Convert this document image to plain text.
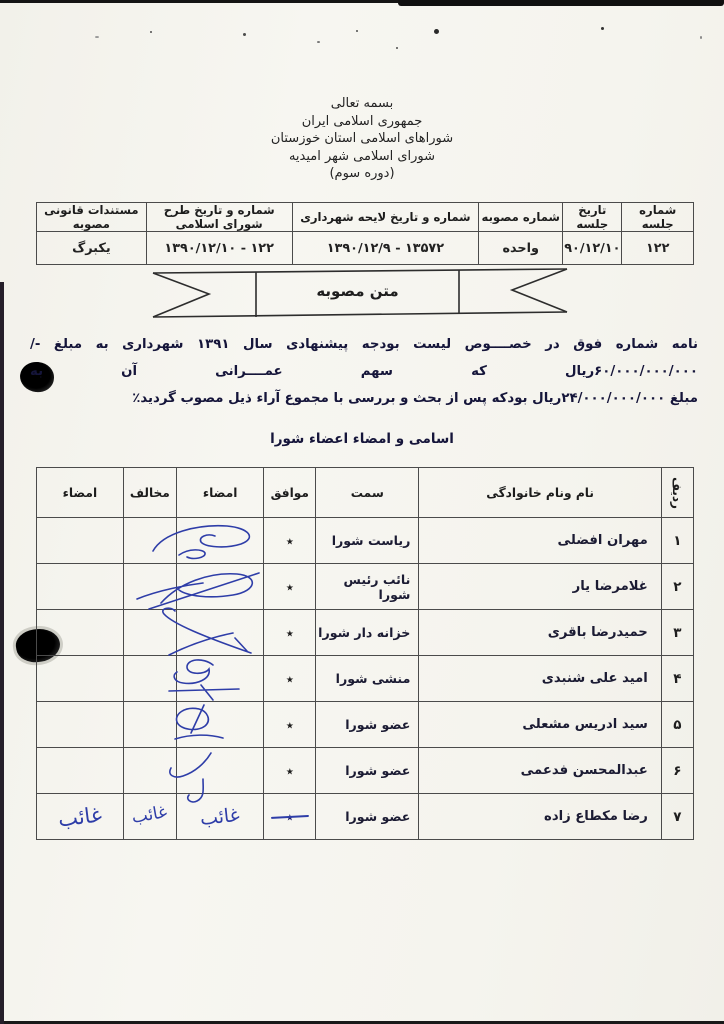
بسمه تعالی
جمهوری اسلامی ایران
شوراهای اسلامی استان خوزستان
شورای اسلامی شهر امیدیه
(دوره سوم)
شماره جلسه	تاریخ جلسه	شماره مصوبه	شماره و تاریخ لایحه شهرداری	شماره و تاریخ طرح شورای اسلامی	مستندات قانونی مصوبه
۱۲۲	۹۰/۱۲/۱۰	واحده	۱۳۵۷۲ - ۱۳۹۰/۱۲/۹	۱۲۲ - ۱۳۹۰/۱۲/۱۰	یکبرگ
متن مصوبه
نامه شماره فوق در خصــــوص لیست بودجه پیشنهادی سال ۱۳۹۱ شهرداری به مبلغ -/۶۰/۰۰۰/۰۰۰/۰۰۰ریال که سهم عمــــرانی آن به
مبلغ ۲۴/۰۰۰/۰۰۰/۰۰۰ریال بودکه پس از بحث و بررسی با مجموع آراء ذیل مصوب گردید٪
اسامی و امضاء اعضاء شورا
ردیف	نام ونام خانوادگی	سمت	موافق	امضاء	مخالف	امضاء
۱	مهران افضلی	ریاست شورا	٭			
۲	غلامرضا یار	نائب رئیس شورا	٭			
۳	حمیدرضا باقری	خزانه دار شورا	٭			
۴	امید علی شنبدی	منشی شورا	٭			
۵	سید ادریس مشعلی	عضو شورا	٭			
۶	عبدالمحسن فدعمی	عضو شورا	٭			
۷	رضا مکطاع زاده	عضو شورا		غائب	غائب	غائب
